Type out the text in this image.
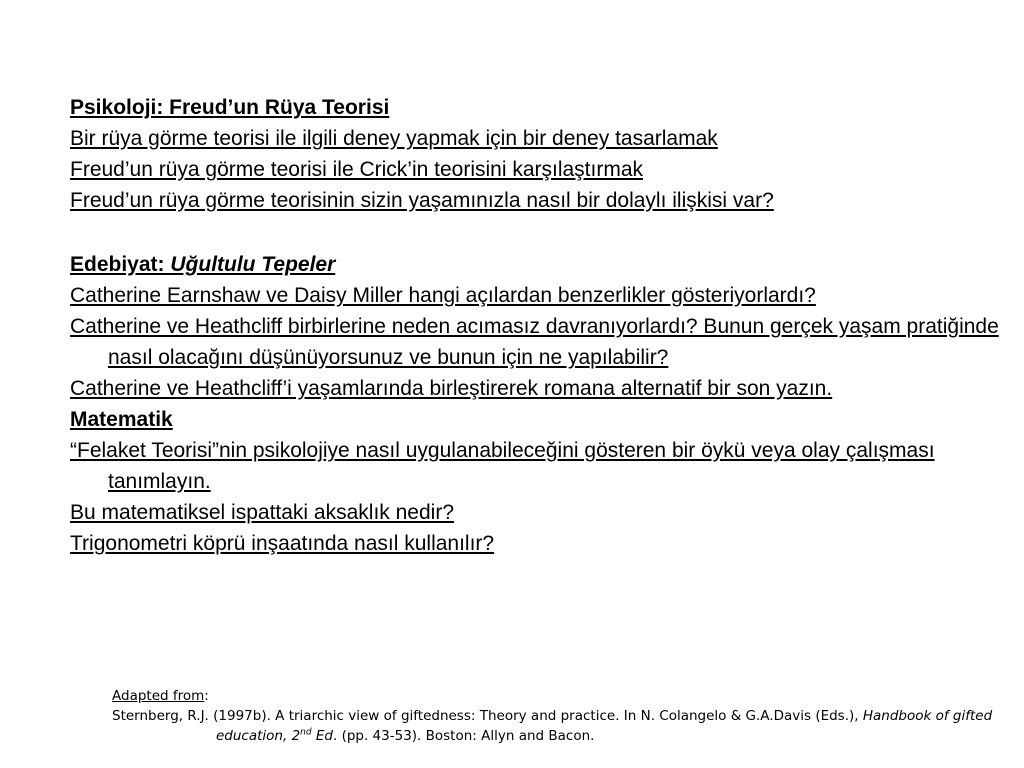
Psikoloji: Freud’un Rüya Teorisi

Bir rüya görme teorisi ile ilgili deney yapmak için bir deney tasarlamak

Freud’un rüya görme teorisi ile Crick’in teorisini karşılaştırmak

Freud’un rüya görme teorisinin sizin yaşamınızla nasıl bir dolaylı ilişkisi var?

Edebiyat: Uğultulu Tepeler

Catherine Earnshaw ve Daisy Miller hangi açılardan benzerlikler gösteriyorlardı?

Catherine ve Heathcliff birbirlerine neden acımasız davranıyorlardı? Bunun gerçek yaşam pratiğinde nasıl olacağını düşünüyorsunuz ve bunun için ne yapılabilir?

Catherine ve Heathcliff’i yaşamlarında birleştirerek romana alternatif bir son yazın.

Matematik

“Felaket Teorisi”nin psikolojiye nasıl uygulanabileceğini gösteren bir öykü veya olay çalışması tanımlayın.

Bu matematiksel ispattaki aksaklık nedir?

Trigonometri köprü inşaatında nasıl kullanılır?

Adapted from:

Sternberg, R.J. (1997b). A triarchic view of giftedness: Theory and practice. In N. Colangelo & G.A.Davis (Eds.), Handbook of gifted education, 2nd Ed. (pp. 43-53). Boston: Allyn and Bacon.
